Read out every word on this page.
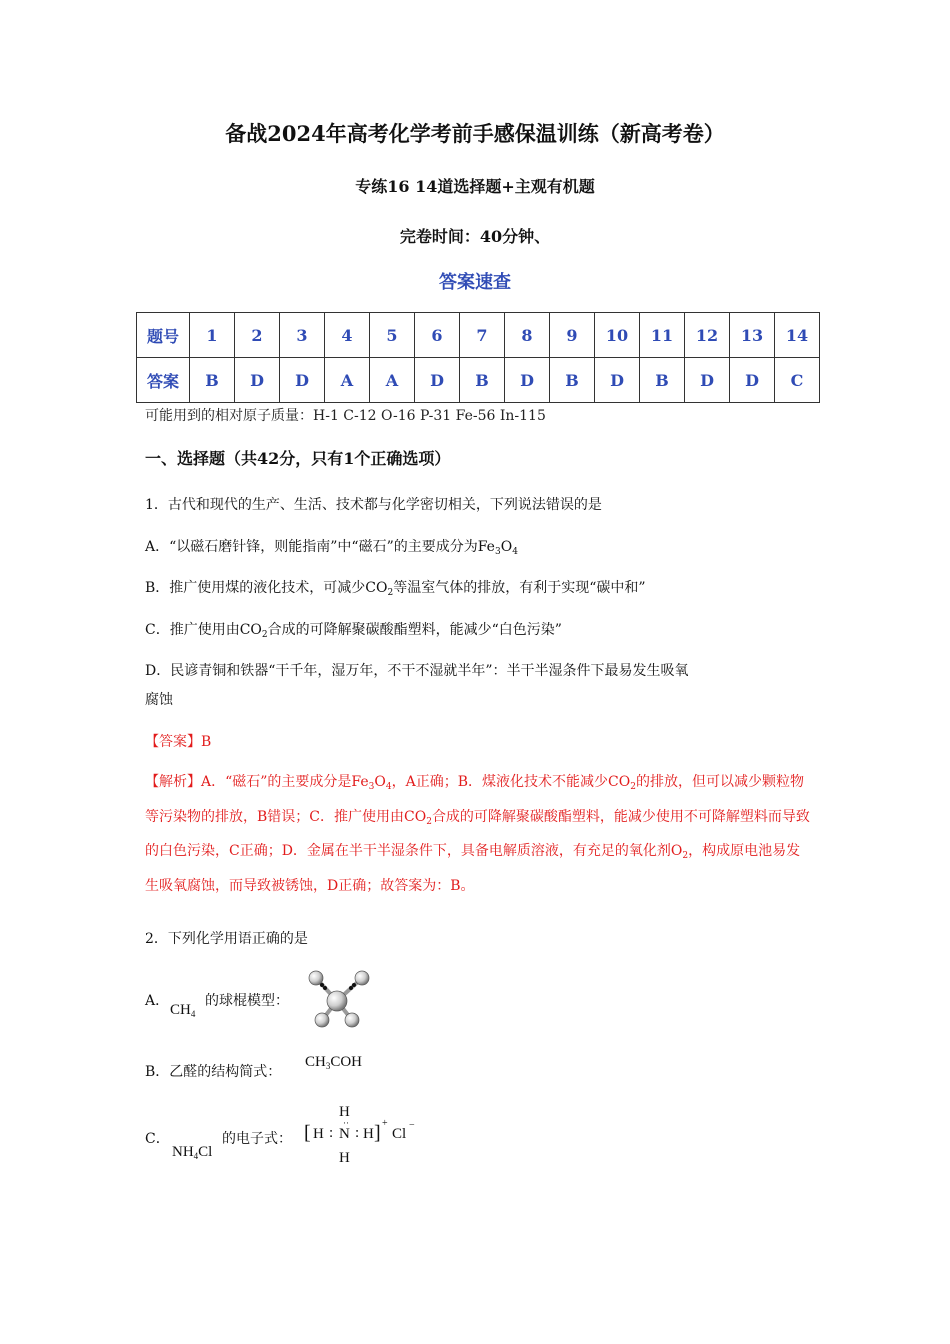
备战2024年高考化学考前手感保温训练（新高考卷）
专练16 14道选择题+主观有机题
完卷时间：40分钟、
答案速查
题号	1	2	3	4	5	6	7	8	9	10	11	12	13	14
答案	B	D	D	A	A	D	B	D	B	D	B	D	D	C
可能用到的相对原子质量：H-1 C-12 O-16 P-31 Fe-56 In-115
一、选择题（共42分，只有1个正确选项）
1．古代和现代的生产、生活、技术都与化学密切相关，下列说法错误的是
A．“以磁石磨针锋，则能指南”中“磁石”的主要成分为$Fe_3O_4$
B．推广使用煤的液化技术，可减少$CO_2$等温室气体的排放，有利于实现“碳中和”
C．推广使用由$CO_2$合成的可降解聚碳酸酯塑料，能减少“白色污染”
D．民谚青铜和铁器“干千年，湿万年，不干不湿就半年”：半干半湿条件下最易发生吸氧
腐蚀
【答案】B
【解析】A．“磁石”的主要成分是$Fe_3O_4$，A正确；B．煤液化技术不能减少$CO_2$的排放，但可以减少颗粒物等污染物的排放，B错误；C．推广使用由$CO_2$合成的可降解聚碳酸酯塑料，能减少使用不可降解塑料而导致的白色污染，C正确；D．金属在半干半湿条件下，具备电解质溶液，有充足的氧化剂$O_2$，构成原电池易发生吸氧腐蚀，而导致被锈蚀，D正确；故答案为：B。
2．下列化学用语正确的是
A．
$CH_4$
的球棍模型：
B．乙醛的结构简式：
$CH_3COH$
C．
$NH_4Cl$
的电子式：
H
[ H : N
··
: H ] +
Cl
−
H
